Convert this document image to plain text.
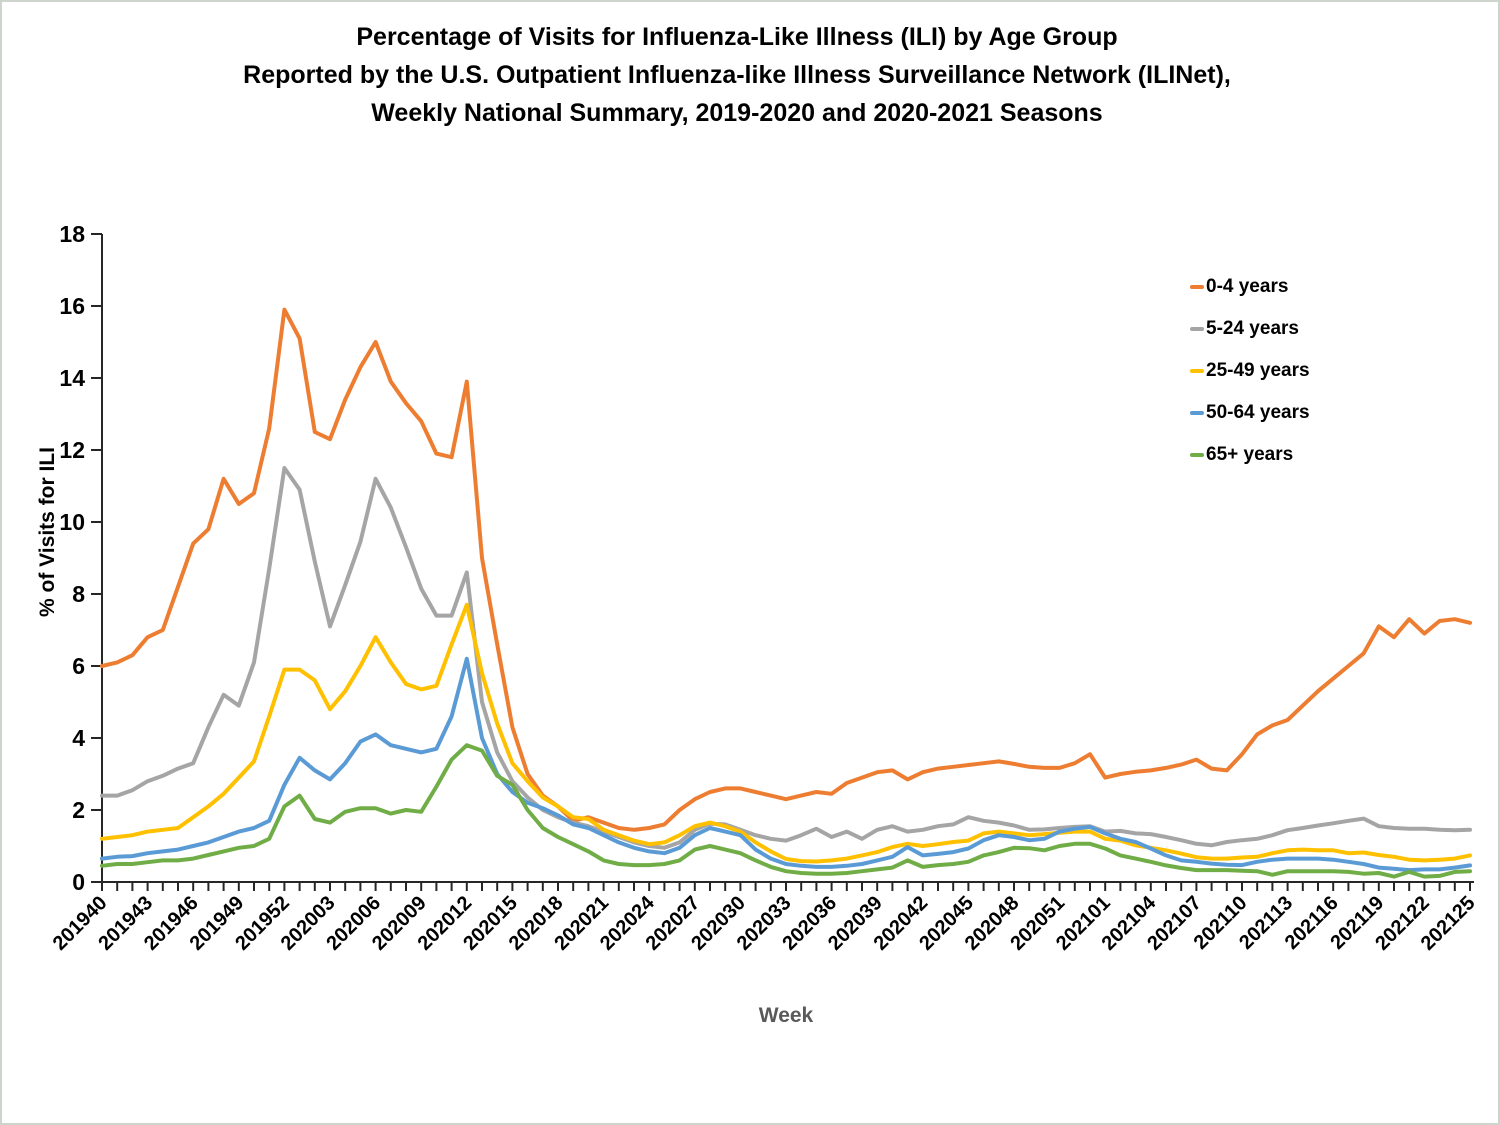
Percentage of Visits for Influenza-Like Illness (ILI) by Age Group

Reported by the U.S. Outpatient Influenza-like Illness Surveillance Network (ILINet),

Weekly National Summary, 2019-2020 and 2020-2021 Seasons

% of Visits for ILI
0
2
4
6
8
10
12
14
16
18
201940
201943
201946
201949
201952
202003
202006
202009
202012
202015
202018
202021
202024
202027
202030
202033
202036
202039
202042
202045
202048
202051
202101
202104
202107
202110
202113
202116
202119
202122
202125
0-4 years
5-24 years
25-49 years
50-64 years
65+ years
Week
